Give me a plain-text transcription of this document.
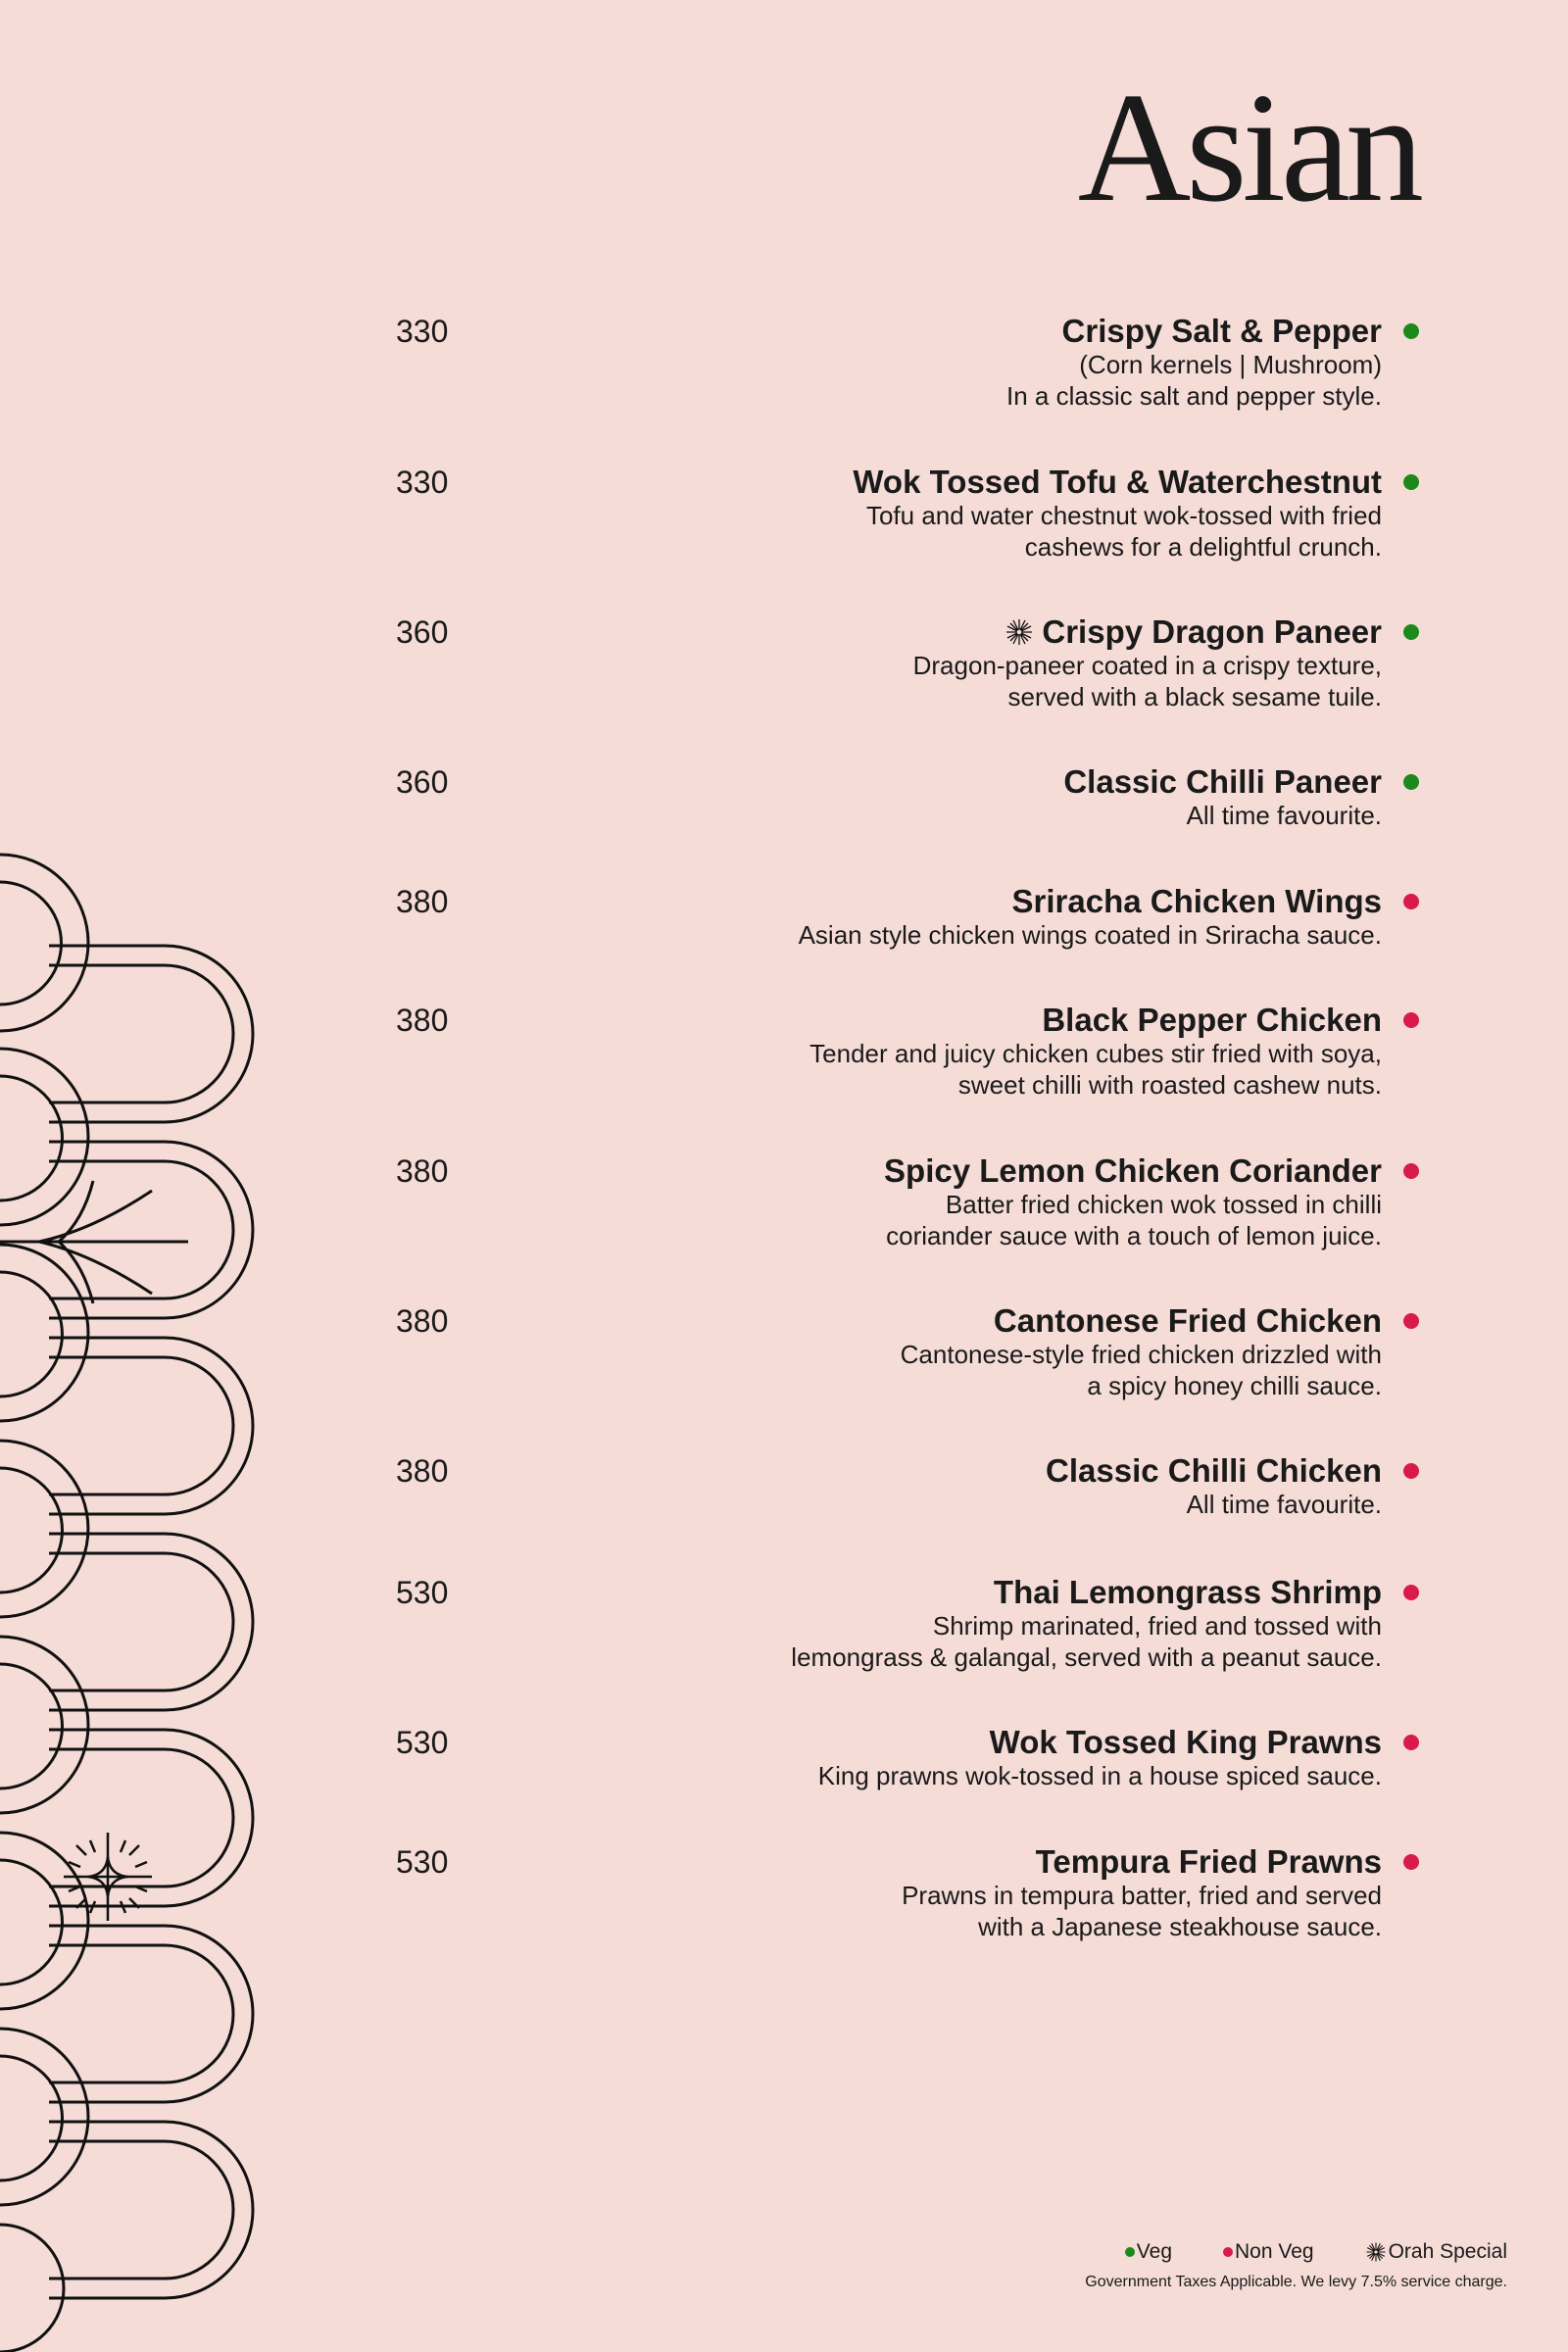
Asian
330	Crispy Salt & Pepper
(Corn kernels | Mushroom)
In a classic salt and pepper style.
330	Wok Tossed Tofu & Waterchestnut
Tofu and water chestnut wok-tossed with fried
cashews for a delightful crunch.
360	Crispy Dragon Paneer
Dragon-paneer coated in a crispy texture,
served with a black sesame tuile.
360	Classic Chilli Paneer
All time favourite.
380	Sriracha Chicken Wings
Asian style chicken wings coated in Sriracha sauce.
380	Black Pepper Chicken
Tender and juicy chicken cubes stir fried with soya,
sweet chilli with roasted cashew nuts.
380	Spicy Lemon Chicken Coriander
Batter fried chicken wok tossed in chilli
coriander sauce with a touch of lemon juice.
380	Cantonese Fried Chicken
Cantonese-style fried chicken drizzled with
a spicy honey chilli sauce.
380	Classic Chilli Chicken
All time favourite.
530	Thai Lemongrass Shrimp
Shrimp marinated, fried and tossed with
lemongrass & galangal, served with a peanut sauce.
530	Wok Tossed King Prawns
King prawns wok-tossed in a house spiced sauce.
530	Tempura Fried Prawns
Prawns in tempura batter, fried and served
with a Japanese steakhouse sauce.
Veg	Non Veg	Orah Special
Government Taxes Applicable. We levy 7.5% service charge.
